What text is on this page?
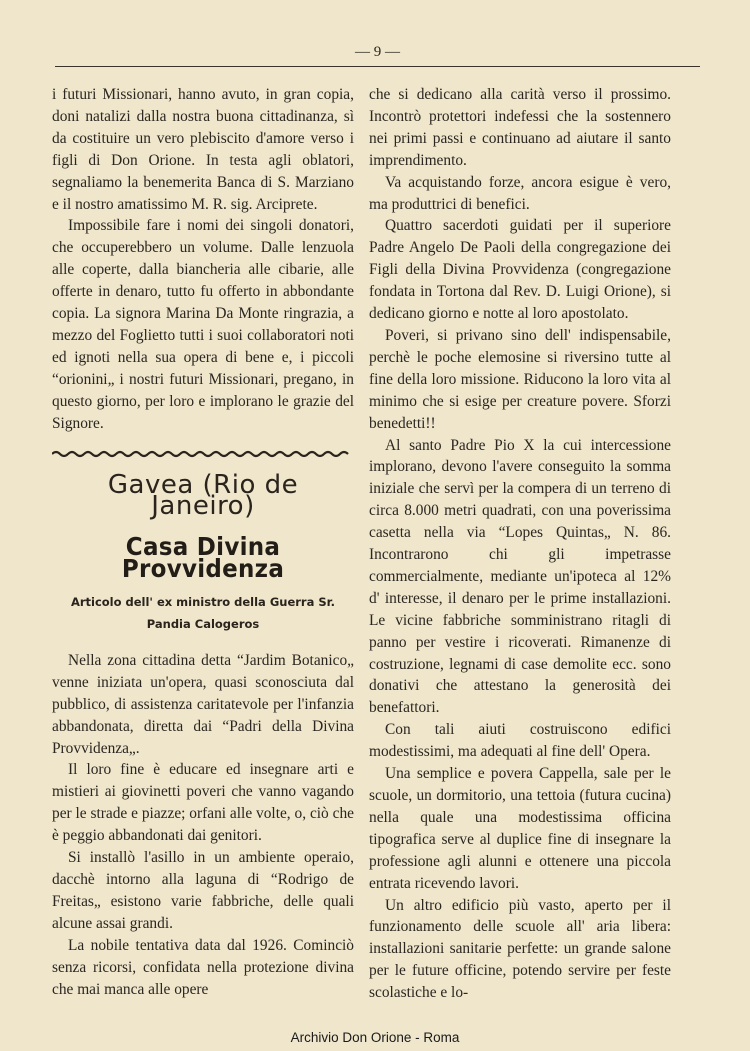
— 9 —

i futuri Missionari, hanno avuto, in gran copia, doni natalizi dalla nostra buona cittadinanza, sì da costituire un vero plebiscito d'amore verso i figli di Don Orione. In testa agli oblatori, segnaliamo la benemerita Banca di S. Marziano e il nostro amatissimo M. R. sig. Arciprete.

Impossibile fare i nomi dei singoli donatori, che occuperebbero un volume. Dalle lenzuola alle coperte, dalla biancheria alle cibarie, alle offerte in denaro, tutto fu offerto in abbondante copia. La signora Marina Da Monte ringrazia, a mezzo del Foglietto tutti i suoi collaboratori noti ed ignoti nella sua opera di bene e, i piccoli “orionini„ i nostri futuri Missionari, pregano, in questo giorno, per loro e implorano le grazie del Signore.

Gavea (Rio de Janeiro)
Casa Divina Provvidenza
Articolo dell' ex ministro della Guerra Sr. Pandia Calogeros

Nella zona cittadina detta “Jardim Botanico„ venne iniziata un'opera, quasi sconosciuta dal pubblico, di assistenza caritatevole per l'infanzia abbandonata, diretta dai “Padri della Divina Provvidenza„.

Il loro fine è educare ed insegnare arti e mistieri ai giovinetti poveri che vanno vagando per le strade e piazze; orfani alle volte, o, ciò che è peggio abbandonati dai genitori.

Si installò l'asillo in un ambiente operaio, dacchè intorno alla laguna di “Rodrigo de Freitas„ esistono varie fabbriche, delle quali alcune assai grandi.

La nobile tentativa data dal 1926. Cominciò senza ricorsi, confidata nella protezione divina che mai manca alle opere

che si dedicano alla carità verso il prossimo. Incontrò protettori indefessi che la sostennero nei primi passi e continuano ad aiutare il santo imprendimento.

Va acquistando forze, ancora esigue è vero, ma produttrici di benefici.

Quattro sacerdoti guidati per il superiore Padre Angelo De Paoli della congregazione dei Figli della Divina Provvidenza (congregazione fondata in Tortona dal Rev. D. Luigi Orione), si dedicano giorno e notte al loro apostolato.

Poveri, si privano sino dell' indispensabile, perchè le poche elemosine si riversino tutte al fine della loro missione. Riducono la loro vita al minimo che si esige per creature povere. Sforzi benedetti!!

Al santo Padre Pio X la cui intercessione implorano, devono l'avere conseguito la somma iniziale che servì per la compera di un terreno di circa 8.000 metri quadrati, con una poverissima casetta nella via “Lopes Quintas„ N. 86. Incontrarono chi gli impetrasse commercialmente, mediante un'ipoteca al 12% d' interesse, il denaro per le prime installazioni. Le vicine fabbriche somministrano ritagli di panno per vestire i ricoverati. Rimanenze di costruzione, legnami di case demolite ecc. sono donativi che attestano la generosità dei benefattori.

Con tali aiuti costruiscono edifici modestissimi, ma adequati al fine dell' Opera.

Una semplice e povera Cappella, sale per le scuole, un dormitorio, una tettoia (futura cucina) nella quale una modestissima officina tipografica serve al duplice fine di insegnare la professione agli alunni e ottenere una piccola entrata ricevendo lavori.

Un altro edificio più vasto, aperto per il funzionamento delle scuole all' aria libera: installazioni sanitarie perfette: un grande salone per le future officine, potendo servire per feste scolastiche e lo-

Archivio Don Orione - Roma
